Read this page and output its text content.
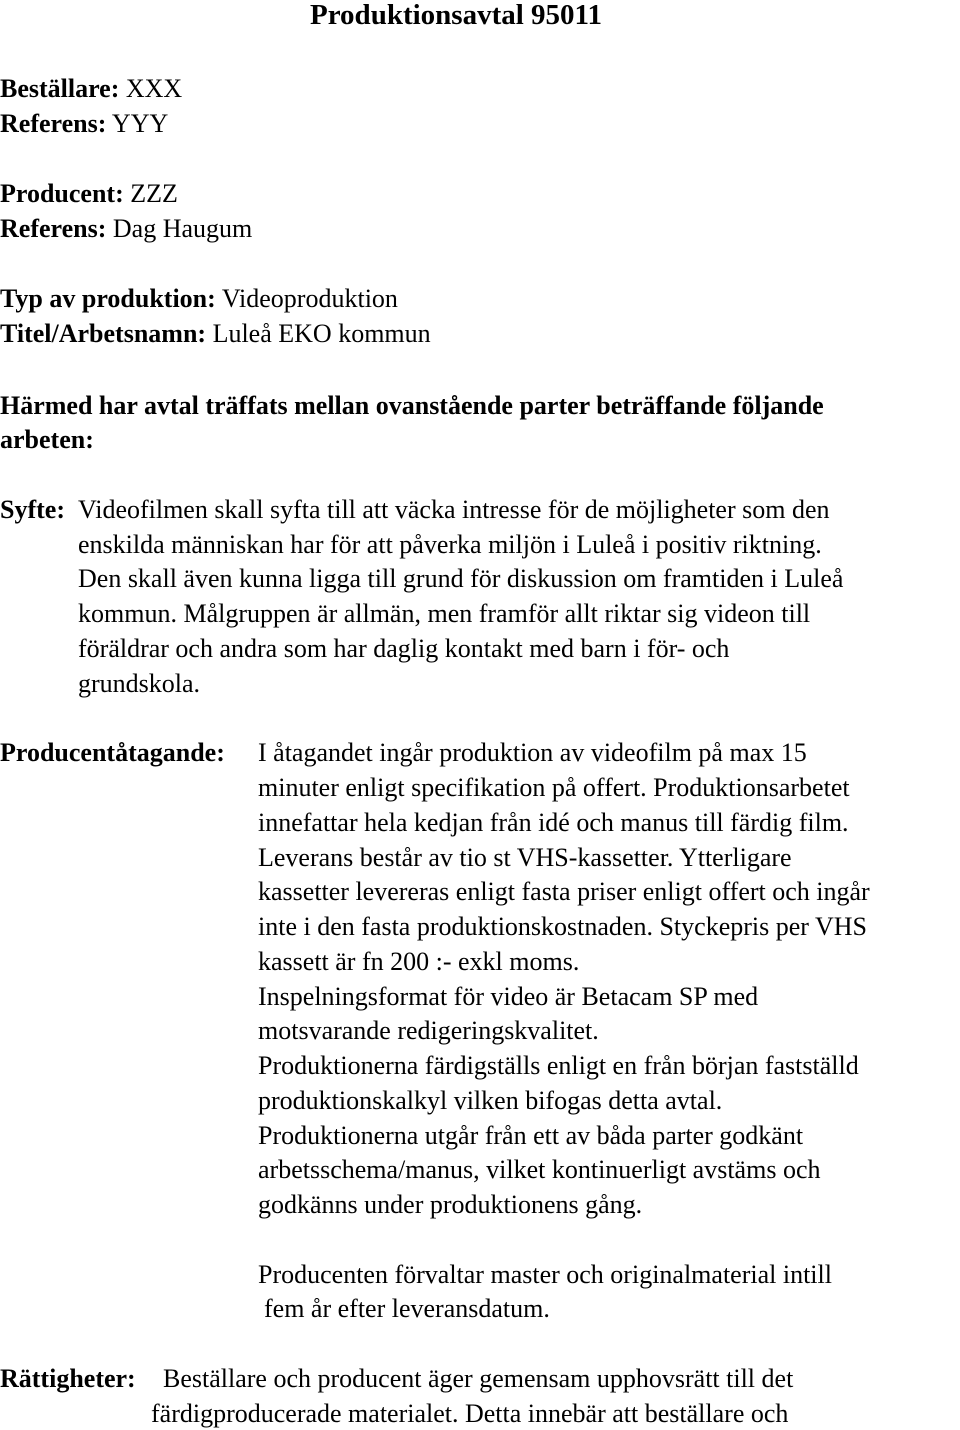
Produktionsavtal 95011
Beställare: XXX
Referens: YYY
Producent: ZZZ
Referens: Dag Haugum
Typ av produktion: Videoproduktion
Titel/Arbetsnamn: Luleå EKO kommun
Härmed har avtal träffats mellan ovanstående parter beträffande följande
arbeten:
Syfte: Videofilmen skall syfta till att väcka intresse för de möjligheter som den
enskilda människan har för att påverka miljön i Luleå i positiv riktning.
Den skall även kunna ligga till grund för diskussion om framtiden i Luleå
kommun. Målgruppen är allmän, men framför allt riktar sig videon till
föräldrar och andra som har daglig kontakt med barn i för- och
grundskola.
Producentåtagande: I åtagandet ingår produktion av videofilm på max 15
minuter enligt specifikation på offert. Produktionsarbetet
innefattar hela kedjan från idé och manus till färdig film.
Leverans består av tio st VHS-kassetter. Ytterligare
kassetter levereras enligt fasta priser enligt offert och ingår
inte i den fasta produktionskostnaden. Styckepris per VHS
kassett är fn 200 :- exkl moms.
Inspelningsformat för video är Betacam SP med
motsvarande redigeringskvalitet.
Produktionerna färdigställs enligt en från början fastställd
produktionskalkyl vilken bifogas detta avtal.
Produktionerna utgår från ett av båda parter godkänt
arbetsschema/manus, vilket kontinuerligt avstäms och
godkänns under produktionens gång.
Producenten förvaltar master och originalmaterial intill
fem år efter leveransdatum.
Rättigheter: Beställare och producent äger gemensam upphovsrätt till det
färdigproducerade materialet. Detta innebär att beställare och
